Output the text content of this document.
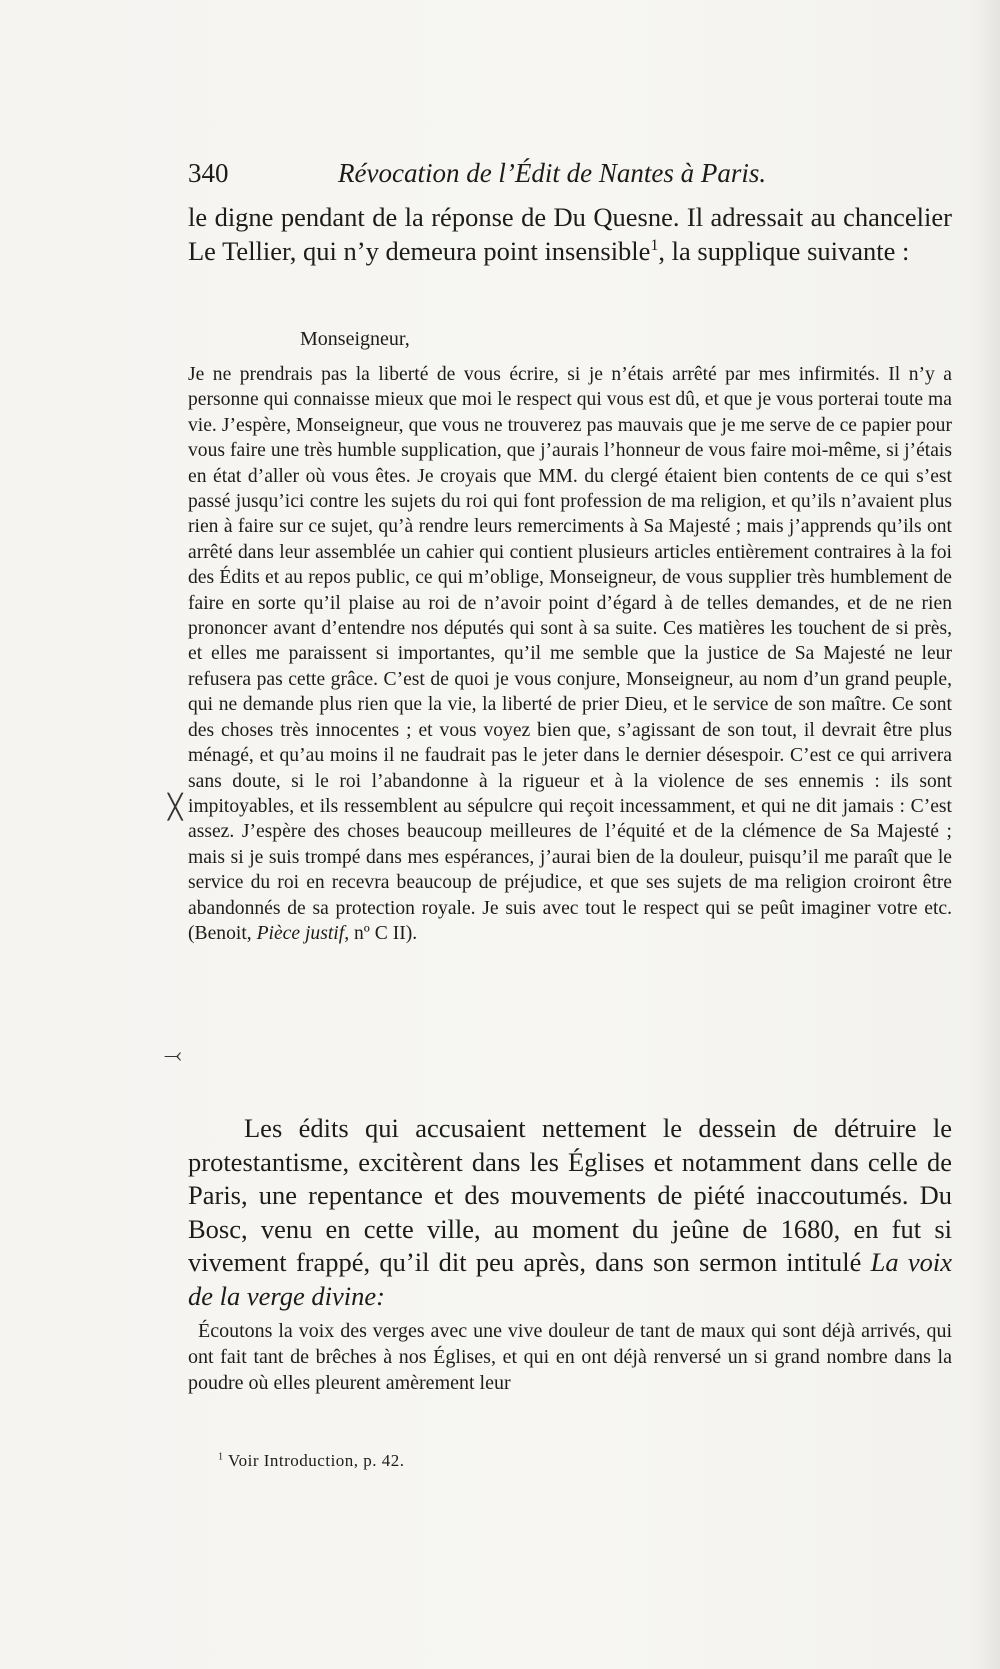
340	Révocation de l’Édit de Nantes à Paris.

le digne pendant de la réponse de Du Quesne. Il adressait au chancelier Le Tellier, qui n’y demeura point insensible$^1$, la supplique suivante :

Monseigneur,

Je ne prendrais pas la liberté de vous écrire, si je n’étais arrêté par mes infirmités. Il n’y a personne qui connaisse mieux que moi le respect qui vous est dû, et que je vous porterai toute ma vie. J’espère, Monseigneur, que vous ne trouverez pas mauvais que je me serve de ce papier pour vous faire une très humble supplication, que j’aurais l’honneur de vous faire moi-même, si j’étais en état d’aller où vous êtes. Je croyais que MM. du clergé étaient bien contents de ce qui s’est passé jusqu’ici contre les sujets du roi qui font profession de ma religion, et qu’ils n’avaient plus rien à faire sur ce sujet, qu’à rendre leurs remerciments à Sa Majesté ; mais j’apprends qu’ils ont arrêté dans leur assemblée un cahier qui contient plusieurs articles entièrement contraires à la foi des Édits et au repos public, ce qui m’oblige, Monseigneur, de vous supplier très humblement de faire en sorte qu’il plaise au roi de n’avoir point d’égard à de telles demandes, et de ne rien prononcer avant d’entendre nos députés qui sont à sa suite. Ces matières les touchent de si près, et elles me paraissent si importantes, qu’il me semble que la justice de Sa Majesté ne leur refusera pas cette grâce. C’est de quoi je vous conjure, Monseigneur, au nom d’un grand peuple, qui ne demande plus rien que la vie, la liberté de prier Dieu, et le service de son maître. Ce sont des choses très innocentes ; et vous voyez bien que, s’agissant de son tout, il devrait être plus ménagé, et qu’au moins il ne faudrait pas le jeter dans le dernier désespoir. C’est ce qui arrivera sans doute, si le roi l’abandonne à la rigueur et à la violence de ses ennemis : ils sont impitoyables, et ils ressemblent au sépulcre qui reçoit incessamment, et qui ne dit jamais : C’est assez. J’espère des choses beaucoup meilleures de l’équité et de la clémence de Sa Majesté ; mais si je suis trompé dans mes espérances, j’aurai bien de la douleur, puisqu’il me paraît que le service du roi en recevra beaucoup de préjudice, et que ses sujets de ma religion croiront être abandonnés de sa protection royale. Je suis avec tout le respect qui se peût imaginer votre etc. (Benoit, Pièce justif, nº C II).

╳
⤙

Les édits qui accusaient nettement le dessein de détruire le protestantisme, excitèrent dans les Églises et notamment dans celle de Paris, une repentance et des mouvements de piété inaccoutumés. Du Bosc, venu en cette ville, au moment du jeûne de 1680, en fut si vivement frappé, qu’il dit peu après, dans son sermon intitulé La voix de la verge divine:

Écoutons la voix des verges avec une vive douleur de tant de maux qui sont déjà arrivés, qui ont fait tant de brêches à nos Églises, et qui en ont déjà renversé un si grand nombre dans la poudre où elles pleurent amèrement leur

$^1$ Voir Introduction, p. 42.
